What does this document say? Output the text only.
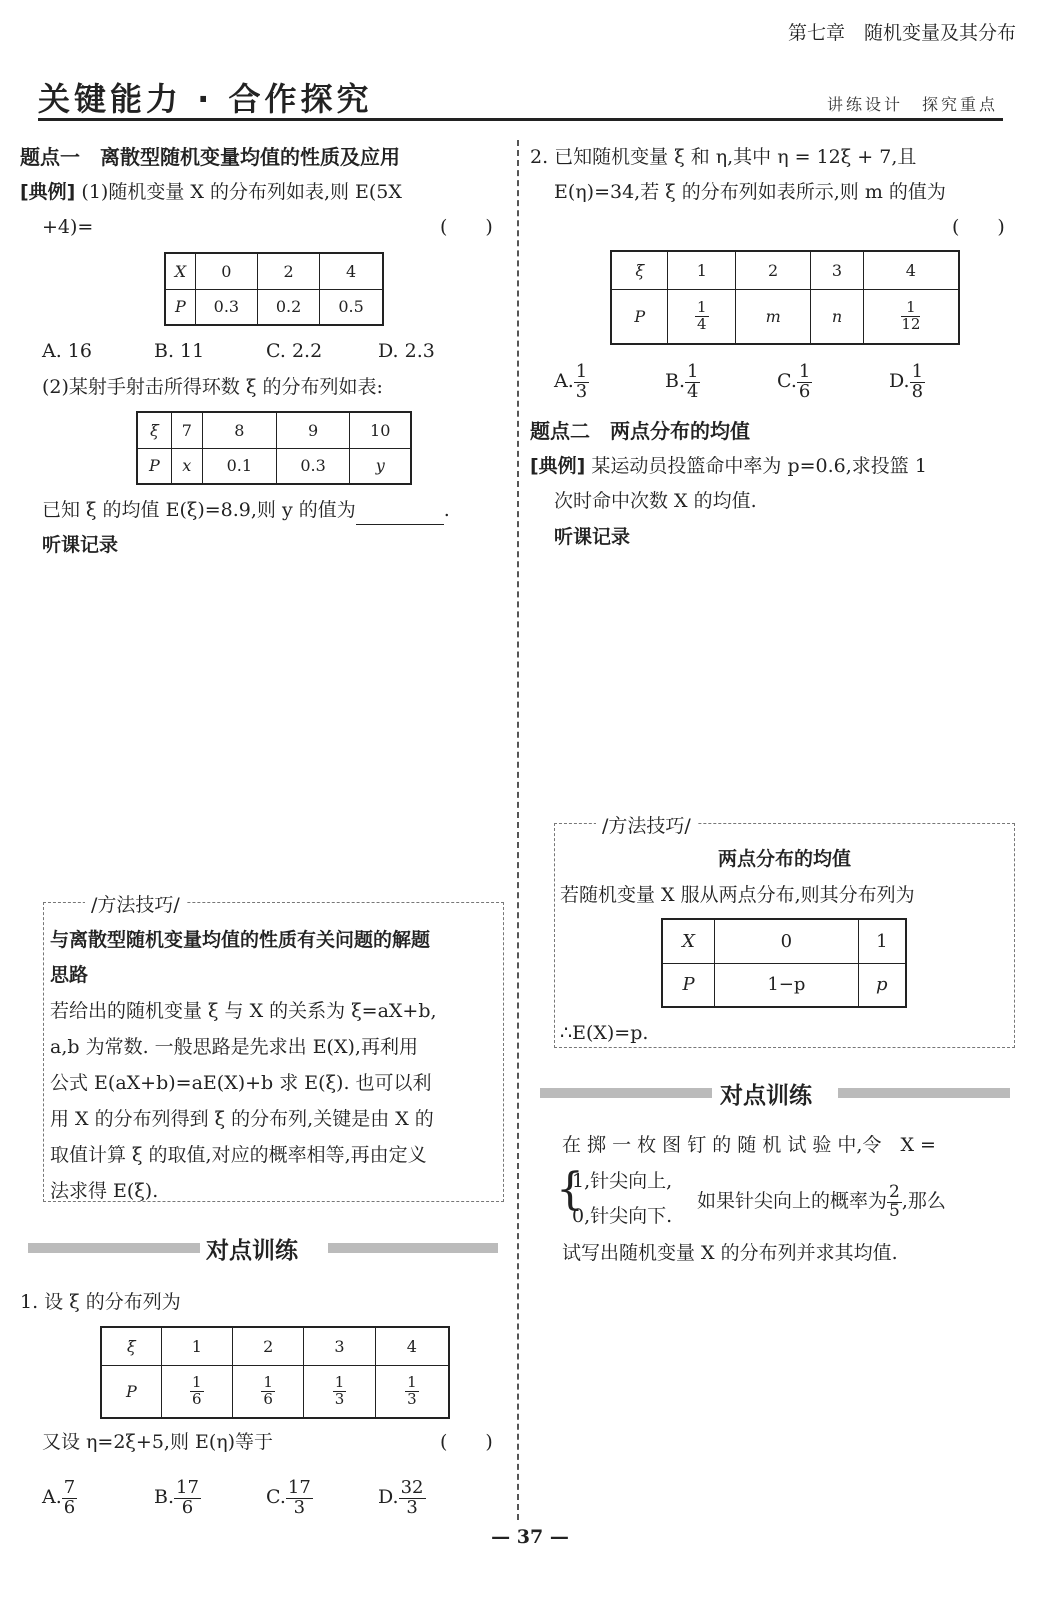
第七章　随机变量及其分布
关键能力 · 合作探究	讲练设计　探究重点
题点一　离散型随机变量均值的性质及应用
[典例] (1)随机变量 X 的分布列如表,则 E(5X
+4)=	(　　)
X	0	2	4
P	0.3	0.2	0.5
A. 16	B. 11	C. 2.2	D. 2.3
(2)某射手射击所得环数 ξ 的分布列如表:
ξ	7	8	9	10
P	x	0.1	0.3	y
已知 ξ 的均值 E(ξ)=8.9,则 y 的值为	.
听课记录
/方法技巧/
与离散型随机变量均值的性质有关问题的解题
思路
若给出的随机变量 ξ 与 X 的关系为 ξ=aX+b,
a,b 为常数. 一般思路是先求出 E(X),再利用
公式 E(aX+b)=aE(X)+b 求 E(ξ). 也可以利
用 X 的分布列得到 ξ 的分布列,关键是由 X 的
取值计算 ξ 的取值,对应的概率相等,再由定义
法求得 E(ξ).
对点训练
1. 设 ξ 的分布列为
ξ	1	2	3	4
P	$\frac{1}{6}$	$\frac{1}{6}$	$\frac{1}{3}$	$\frac{1}{3}$
又设 η=2ξ+5,则 E(η)等于	(　　)
A. $\frac{7}{6}$	B. $\frac{17}{6}$	C. $\frac{17}{3}$	D. $\frac{32}{3}$
2. 已知随机变量 ξ 和 η,其中 η = 12ξ + 7,且
E(η)=34,若 ξ 的分布列如表所示,则 m 的值为
(　　)
ξ	1	2	3	4
P	$\frac{1}{4}$	m	n	$\frac{1}{12}$
A. $\frac{1}{3}$	B. $\frac{1}{4}$	C. $\frac{1}{6}$	D. $\frac{1}{8}$
题点二　两点分布的均值
[典例] 某运动员投篮命中率为 p=0.6,求投篮 1
次时命中次数 X 的均值.
听课记录
/方法技巧/
两点分布的均值
若随机变量 X 服从两点分布,则其分布列为
X	0	1
P	1−p	p
∴E(X)=p.
对点训练
在 掷 一 枚 图 钉 的 随 机 试 验 中,令　X =
{
1,针尖向上,
0,针尖向下.
如果针尖向上的概率为 $\frac{2}{5}$ ,那么
试写出随机变量 X 的分布列并求其均值.
— 37 —
